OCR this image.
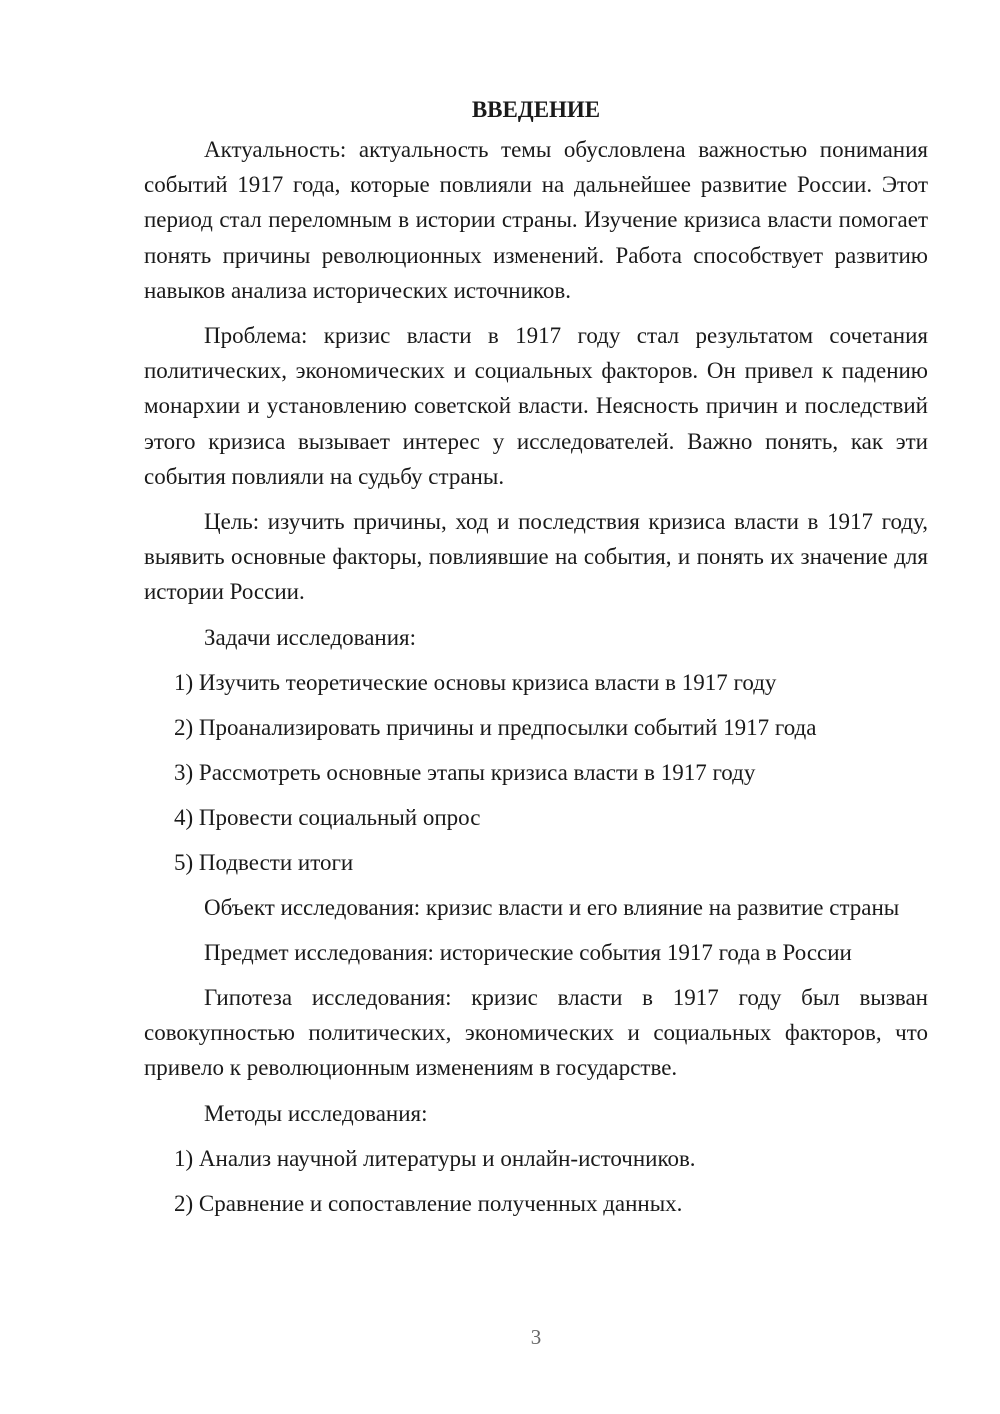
ВВЕДЕНИЕ

Актуальность: актуальность темы обусловлена важностью понимания событий 1917 года, которые повлияли на дальнейшее развитие России. Этот период стал переломным в истории страны. Изучение кризиса власти помогает понять причины революционных изменений. Работа способствует развитию навыков анализа исторических источников.

Проблема: кризис власти в 1917 году стал результатом сочетания политических, экономических и социальных факторов. Он привел к падению монархии и установлению советской власти. Неясность причин и последствий этого кризиса вызывает интерес у исследователей. Важно понять, как эти события повлияли на судьбу страны.

Цель: изучить причины, ход и последствия кризиса власти в 1917 году, выявить основные факторы, повлиявшие на события, и понять их значение для истории России.

Задачи исследования:
1) Изучить теоретические основы кризиса власти в 1917 году
2) Проанализировать причины и предпосылки событий 1917 года
3) Рассмотреть основные этапы кризиса власти в 1917 году
4) Провести социальный опрос
5) Подвести итоги

Объект исследования: кризис власти и его влияние на развитие страны

Предмет исследования: исторические события 1917 года в России

Гипотеза исследования: кризис власти в 1917 году был вызван совокупностью политических, экономических и социальных факторов, что привело к революционным изменениям в государстве.

Методы исследования:
1) Анализ научной литературы и онлайн-источников.
2) Сравнение и сопоставление полученных данных.
3
